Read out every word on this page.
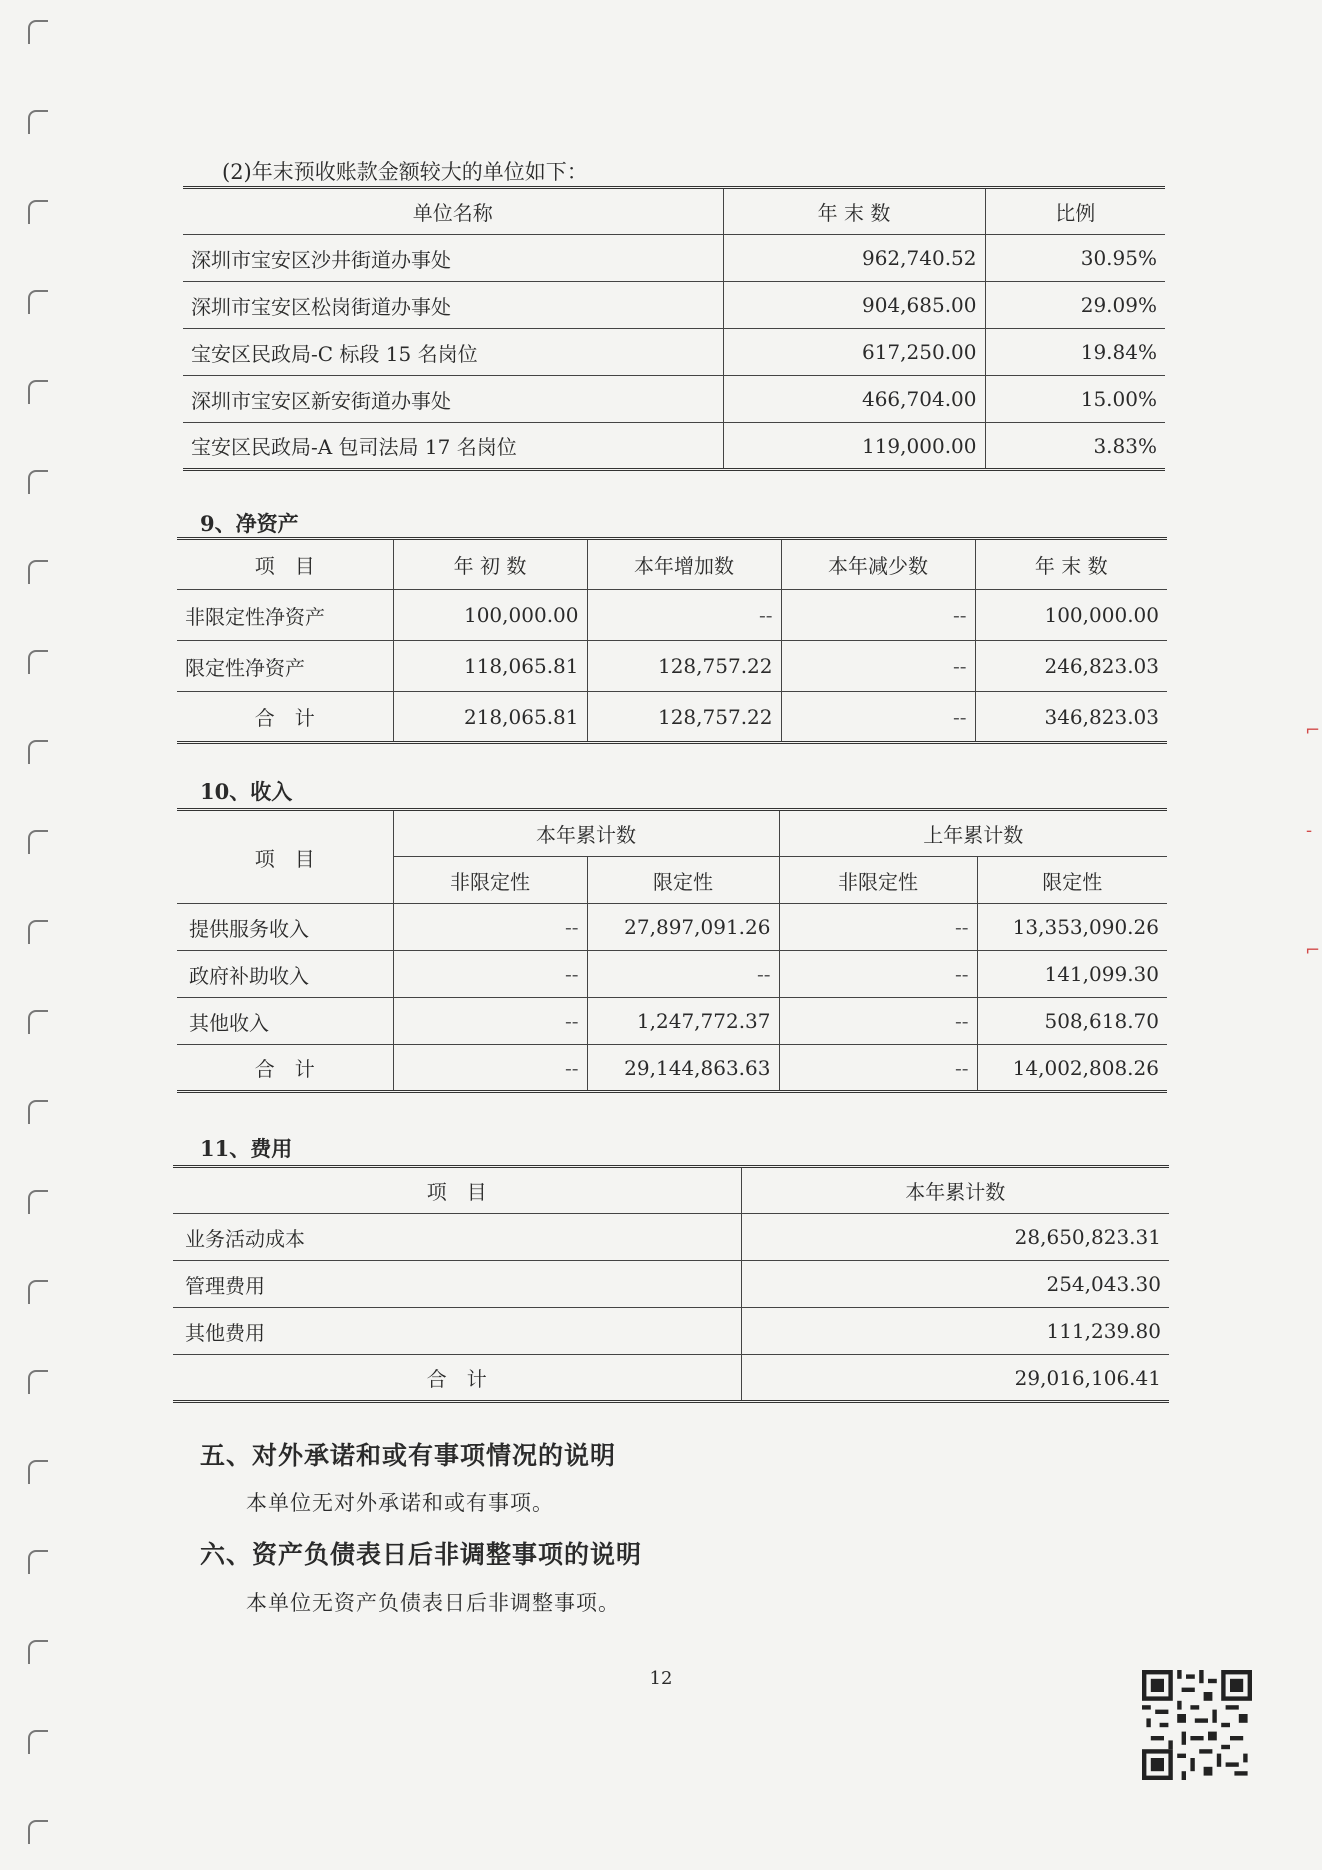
(2)年末预收账款金额较大的单位如下：
单位名称	年 末 数	比例
深圳市宝安区沙井街道办事处	962,740.52	30.95%
深圳市宝安区松岗街道办事处	904,685.00	29.09%
宝安区民政局-C 标段 15 名岗位	617,250.00	19.84%
深圳市宝安区新安街道办事处	466,704.00	15.00%
宝安区民政局-A 包司法局 17 名岗位	119,000.00	3.83%
9、净资产
项　目	年 初 数	本年增加数	本年减少数	年 末 数
非限定性净资产	100,000.00	--	--	100,000.00
限定性净资产	118,065.81	128,757.22	--	246,823.03
合　计	218,065.81	128,757.22	--	346,823.03
10、收入
项　目	本年累计数		上年累计数	
	非限定性	限定性	非限定性	限定性
提供服务收入	--	27,897,091.26	--	13,353,090.26
政府补助收入	--	--	--	141,099.30
其他收入	--	1,247,772.37	--	508,618.70
合　计	--	29,144,863.63	--	14,002,808.26
11、费用
项　目	本年累计数
业务活动成本	28,650,823.31
管理费用	254,043.30
其他费用	111,239.80
合　计	29,016,106.41
五、对外承诺和或有事项情况的说明
本单位无对外承诺和或有事项。
六、资产负债表日后非调整事项的说明
本单位无资产负债表日后非调整事项。
12
⌐
-
⌐
